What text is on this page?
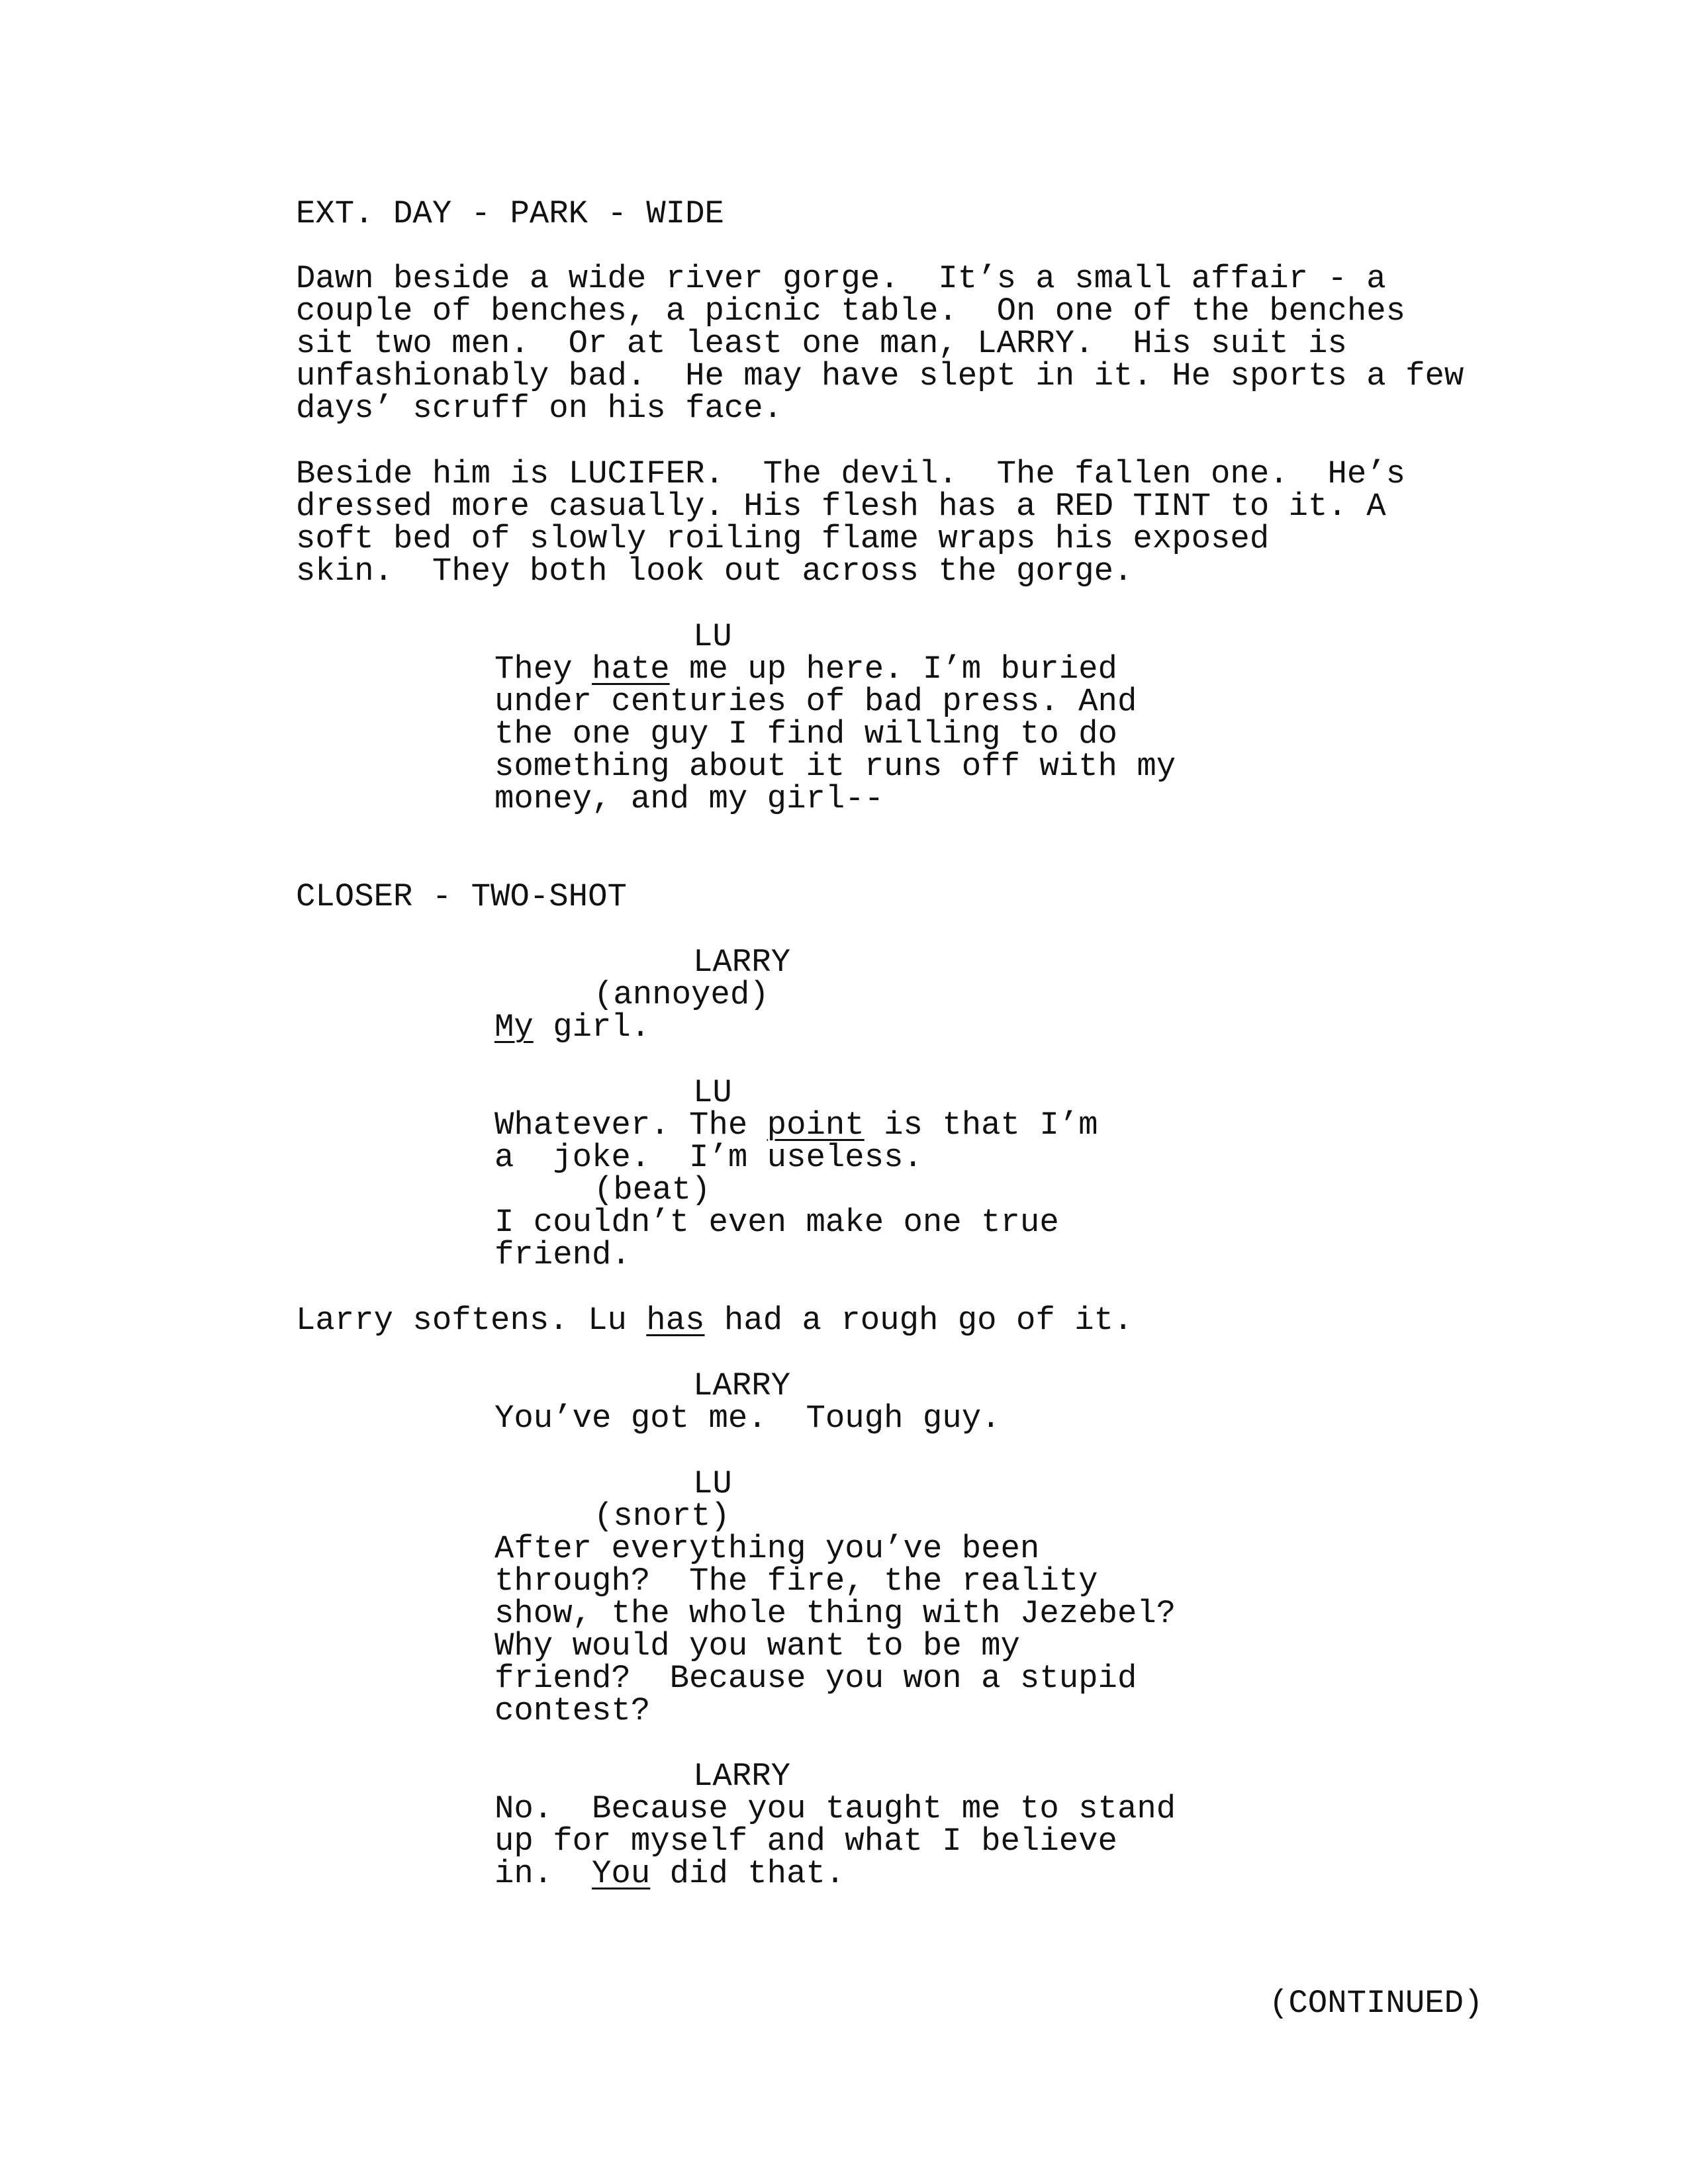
EXT. DAY - PARK - WIDE
Dawn beside a wide river gorge.  It’s a small affair - a
couple of benches, a picnic table.  On one of the benches
sit two men.  Or at least one man, LARRY.  His suit is
unfashionably bad.  He may have slept in it. He sports a few
days’ scruff on his face.
Beside him is LUCIFER.  The devil.  The fallen one.  He’s
dressed more casually. His flesh has a RED TINT to it. A
soft bed of slowly roiling flame wraps his exposed
skin.  They both look out across the gorge.
LU
They hate me up here. I’m buried
under centuries of bad press. And
the one guy I find willing to do
something about it runs off with my
money, and my girl--
CLOSER - TWO-SHOT
LARRY
(annoyed)
My girl.
LU
Whatever. The point is that I’m
a  joke.  I’m useless.
(beat)
I couldn’t even make one true
friend.
Larry softens. Lu has had a rough go of it.
LARRY
You’ve got me.  Tough guy.
LU
(snort)
After everything you’ve been
through?  The fire, the reality
show, the whole thing with Jezebel?
Why would you want to be my
friend?  Because you won a stupid
contest?
LARRY
No.  Because you taught me to stand
up for myself and what I believe
in.  You did that.
(CONTINUED)
